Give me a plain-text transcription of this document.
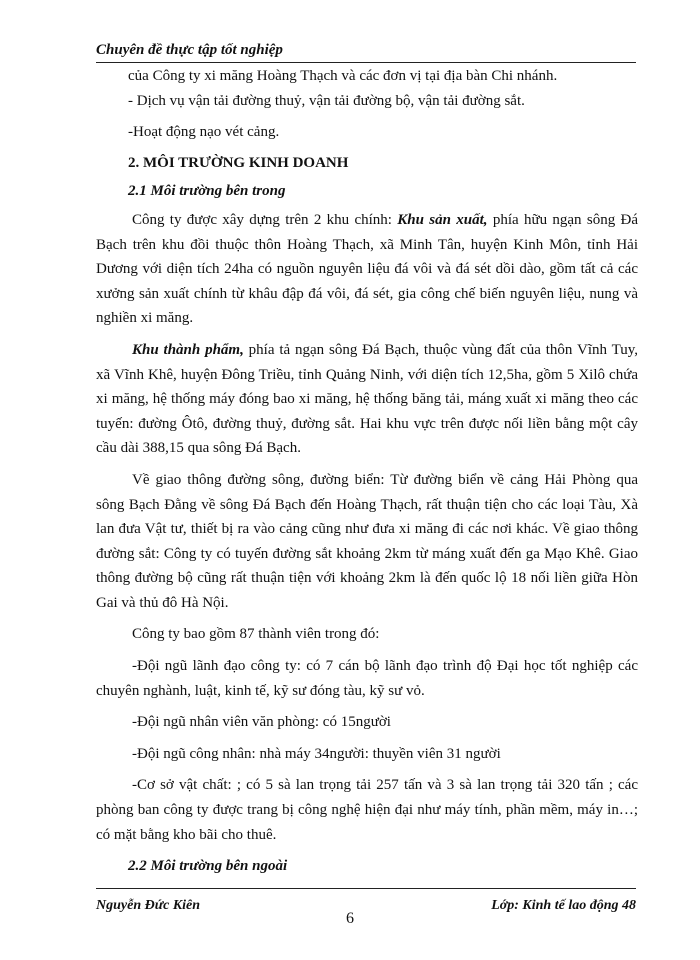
Chuyên đề thực tập tốt nghiệp

của Công ty xi măng Hoàng Thạch và các đơn vị tại địa bàn Chi nhánh.

- Dịch vụ vận tải đường thuỷ, vận tải đường bộ, vận tải đường sắt.

-Hoạt động nạo vét cảng.

2. MÔI TRƯỜNG KINH DOANH

2.1 Môi trường bên trong

Công ty được xây dựng trên 2 khu chính: Khu sản xuất, phía hữu ngạn sông Đá Bạch trên khu đồi thuộc thôn Hoàng Thạch, xã Minh Tân, huyện Kinh Môn, tỉnh Hải Dương với diện tích 24ha có nguồn nguyên liệu đá vôi và đá sét dồi dào, gồm tất cả các xưởng sản xuất chính từ khâu đập đá vôi, đá sét, gia công chế biến nguyên liệu, nung và nghiền xi măng.

Khu thành phẩm, phía tả ngạn sông Đá Bạch, thuộc vùng đất của thôn Vĩnh Tuy, xã Vĩnh Khê, huyện Đông Triều, tỉnh Quảng Ninh, với diện tích 12,5ha, gồm 5 Xilô chứa xi măng, hệ thống máy đóng bao xi măng, hệ thống băng tải, máng xuất xi măng theo các tuyến: đường Ôtô, đường thuỷ, đường sắt. Hai khu vực trên được nối liền bằng một cây cầu dài 388,15 qua sông Đá Bạch.

Về giao thông đường sông, đường biển: Từ đường biển về cảng Hải Phòng qua sông Bạch Đằng về sông Đá Bạch đến Hoàng Thạch, rất thuận tiện cho các loại Tàu, Xà lan đưa Vật tư, thiết bị ra vào cảng cũng như đưa xi măng đi các nơi khác. Về giao thông đường sắt: Công ty có tuyến đường sắt khoảng 2km từ máng xuất đến ga Mạo Khê. Giao thông đường bộ cũng rất thuận tiện với khoảng 2km là đến quốc lộ 18 nối liền giữa Hòn Gai và thủ đô Hà Nội.

Công ty bao gồm 87 thành viên trong đó:

-Đội ngũ lãnh đạo công ty: có 7 cán bộ lãnh đạo trình độ Đại học tốt nghiệp các chuyên nghành, luật, kinh tế, kỹ sư đóng tàu, kỹ sư vỏ.

-Đội ngũ nhân viên văn phòng: có 15người

-Đội ngũ công nhân: nhà máy 34người: thuyền viên 31 người

-Cơ sở vật chất: ; có 5 sà lan trọng tải 257 tấn và 3 sà lan trọng tải 320 tấn ; các phòng ban công ty được trang bị công nghệ hiện đại như máy tính, phần mềm, máy in…; có mặt bằng kho bãi cho thuê.

2.2 Môi trường bên ngoài

Nguyễn Đức Kiên	Lớp: Kinh tế lao động 48
6
